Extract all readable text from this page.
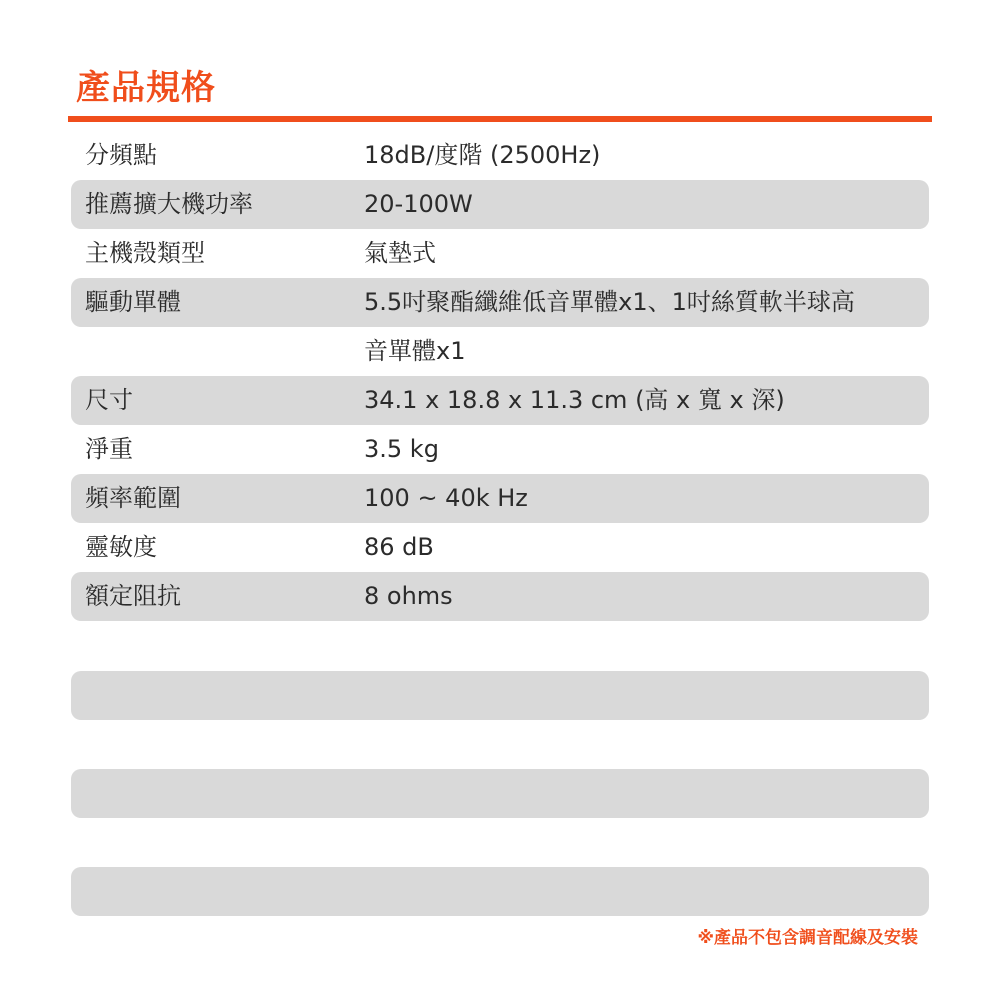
產品規格
分頻點	18dB/度階 (2500Hz)
推薦擴大機功率	20-100W
主機殼類型	氣墊式
驅動單體	5.5吋聚酯纖維低音單體x1、1吋絲質軟半球高
音單體x1
尺寸	34.1 x 18.8 x 11.3 cm (高 x 寬 x 深)
淨重	3.5 kg
頻率範圍	100 ~ 40k Hz
靈敏度	86 dB
額定阻抗	8 ohms
※產品不包含調音配線及安裝
